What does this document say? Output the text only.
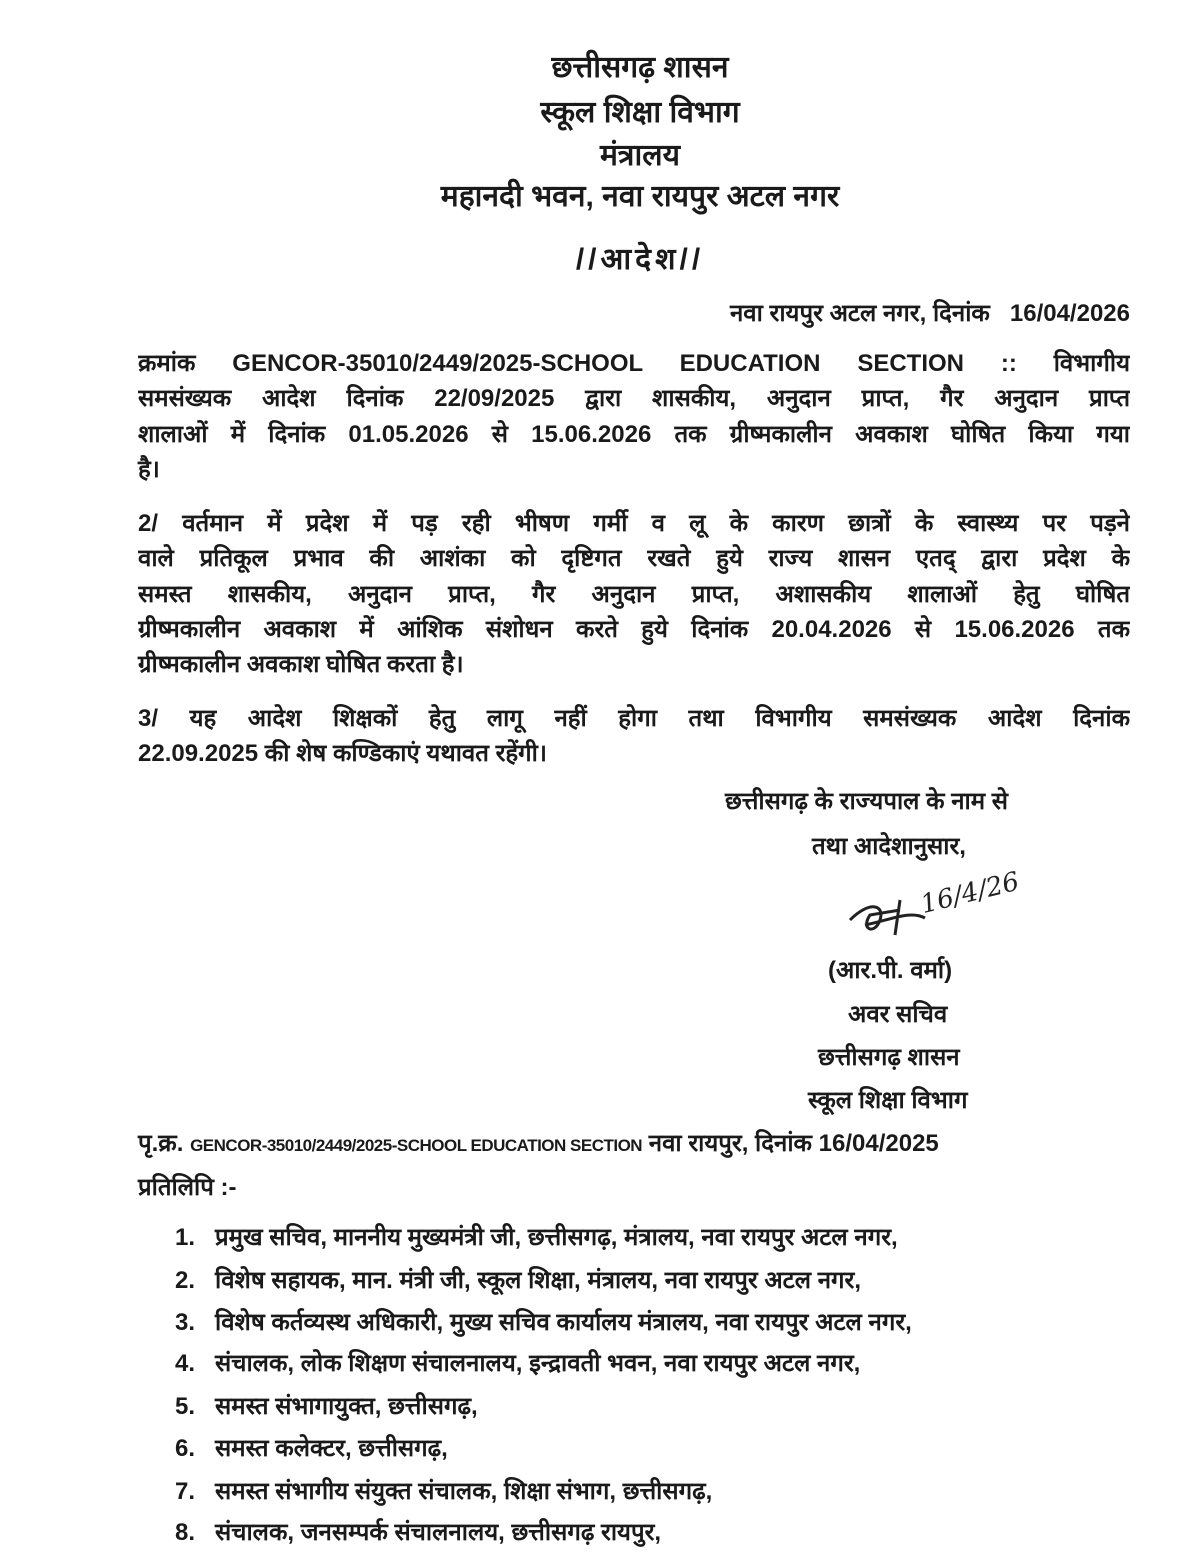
छत्तीसगढ़ शासन
स्कूल शिक्षा विभाग
मंत्रालय
महानदी भवन, नवा रायपुर अटल नगर
//आदेश//
नवा रायपुर अटल नगर, दिनांक   16/04/2026
क्रमांक GENCOR-35010/2449/2025-SCHOOL EDUCATION SECTION :: विभागीय
समसंख्यक आदेश दिनांक 22/09/2025 द्वारा शासकीय, अनुदान प्राप्त, गैर अनुदान प्राप्त
शालाओं में दिनांक 01.05.2026 से 15.06.2026 तक ग्रीष्मकालीन अवकाश घोषित किया गया
है।
2/ वर्तमान में प्रदेश में पड़ रही भीषण गर्मी व लू के कारण छात्रों के स्वास्थ्य पर पड़ने
वाले प्रतिकूल प्रभाव की आशंका को दृष्टिगत रखते हुये राज्य शासन एतद् द्वारा प्रदेश के
समस्त शासकीय, अनुदान प्राप्त, गैर अनुदान प्राप्त, अशासकीय शालाओं हेतु घोषित
ग्रीष्मकालीन अवकाश में आंशिक संशोधन करते हुये दिनांक 20.04.2026 से 15.06.2026 तक
ग्रीष्मकालीन अवकाश घोषित करता है।
3/ यह आदेश शिक्षकों हेतु लागू नहीं होगा तथा विभागीय समसंख्यक आदेश दिनांक
22.09.2025 की शेष कण्डिकाएं यथावत रहेंगी।
छत्तीसगढ़ के राज्यपाल के नाम से
तथा आदेशानुसार,
16/4/26
(आर.पी. वर्मा)
अवर सचिव
छत्तीसगढ़ शासन
स्कूल शिक्षा विभाग
पृ.क्र. GENCOR-35010/2449/2025-SCHOOL EDUCATION SECTION नवा रायपुर, दिनांक 16/04/2025
प्रतिलिपि :-
1. प्रमुख सचिव, माननीय मुख्यमंत्री जी, छत्तीसगढ़, मंत्रालय, नवा रायपुर अटल नगर,
2. विशेष सहायक, मान. मंत्री जी, स्कूल शिक्षा, मंत्रालय, नवा रायपुर अटल नगर,
3. विशेष कर्तव्यस्थ अधिकारी, मुख्य सचिव कार्यालय मंत्रालय, नवा रायपुर अटल नगर,
4. संचालक, लोक शिक्षण संचालनालय, इन्द्रावती भवन, नवा रायपुर अटल नगर,
5. समस्त संभागायुक्त, छत्तीसगढ़,
6. समस्त कलेक्टर, छत्तीसगढ़,
7. समस्त संभागीय संयुक्त संचालक, शिक्षा संभाग, छत्तीसगढ़,
8. संचालक, जनसम्पर्क संचालनालय, छत्तीसगढ़ रायपुर,
